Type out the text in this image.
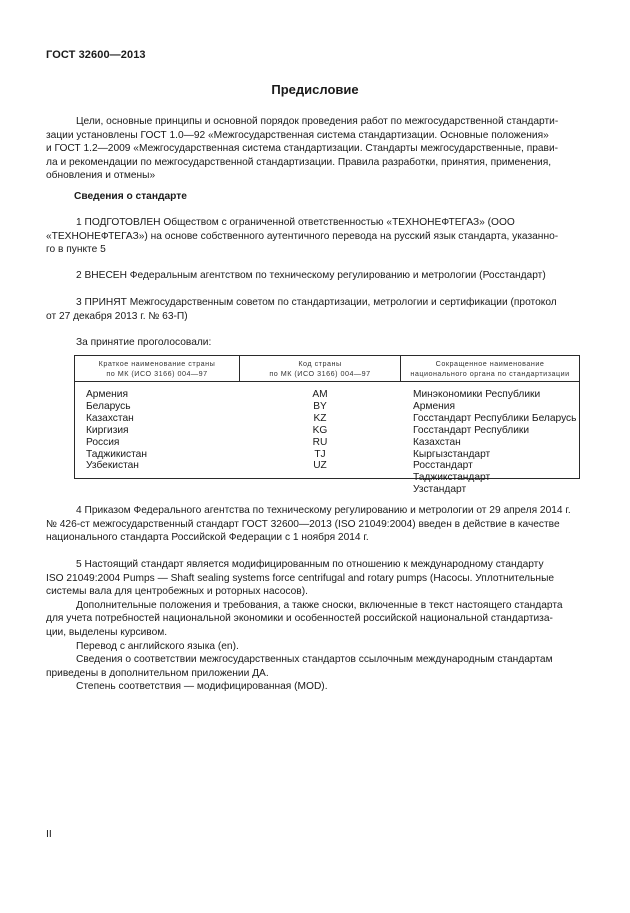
ГОСТ 32600—2013
Предисловие
Цели, основные принципы и основной порядок проведения работ по межгосударственной стандарти-
зации установлены ГОСТ 1.0—92 «Межгосударственная система стандартизации. Основные положения»
и ГОСТ 1.2—2009 «Межгосударственная система стандартизации. Стандарты межгосударственные, прави-
ла и рекомендации по межгосударственной стандартизации. Правила разработки, принятия, применения,
обновления и отмены»
Сведения о стандарте
1 ПОДГОТОВЛЕН Обществом с ограниченной ответственностью «ТЕХНОНЕФТЕГАЗ» (ООО
«ТЕХНОНЕФТЕГАЗ») на основе собственного аутентичного перевода на русский язык стандарта, указанно-
го в пункте 5
2 ВНЕСЕН Федеральным агентством по техническому регулированию и метрологии (Росстандарт)
3 ПРИНЯТ Межгосударственным советом по стандартизации, метрологии и сертификации (протокол
от 27 декабря 2013 г. № 63-П)
За принятие проголосовали:
Краткое наименование страны
по МК (ИСО 3166) 004—97
Код страны
по МК (ИСО 3166) 004—97
Сокращенное наименование
национального органа по стандартизации
Армения
Беларусь
Казахстан
Киргизия
Россия
Таджикистан
Узбекистан
AM
BY
KZ
KG
RU
TJ
UZ
Минэкономики Республики Армения
Госстандарт Республики Беларусь
Госстандарт Республики Казахстан
Кыргызстандарт
Росстандарт
Таджикстандарт
Узстандарт
4 Приказом Федерального агентства по техническому регулированию и метрологии от 29 апреля 2014 г.
№ 426-ст межгосударственный стандарт ГОСТ 32600—2013 (ISO 21049:2004) введен в действие в качестве
национального стандарта Российской Федерации с 1 ноября 2014 г.
5 Настоящий стандарт является модифицированным по отношению к международному стандарту
ISO 21049:2004 Pumps — Shaft sealing systems force centrifugal and rotary pumps (Насосы. Уплотнительные
системы вала для центробежных и роторных насосов).
Дополнительные положения и требования, а также сноски, включенные в текст настоящего стандарта
для учета потребностей национальной экономики и особенностей российской национальной стандартиза-
ции, выделены курсивом.
Перевод с английского языка (en).
Сведения о соответствии межгосударственных стандартов ссылочным международным стандартам
приведены в дополнительном приложении ДА.
Степень соответствия — модифицированная (MOD).
II
